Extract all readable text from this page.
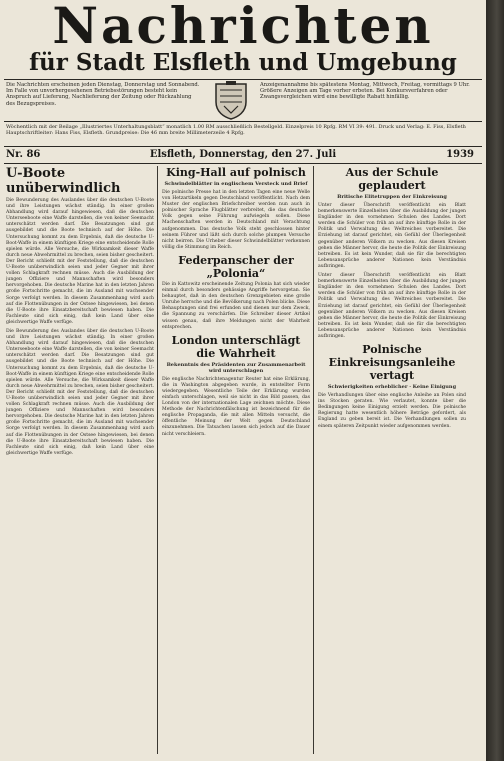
Nachrichten
für Stadt Elsfleth und Umgebung
Die Nachrichten erscheinen jeden Dienstag, Donnerstag und Sonnabend. Im Falle von unvorhergesehenen Betriebsstörungen besteht kein Anspruch auf Lieferung, Nachlieferung der Zeitung oder Rückzahlung des Bezugspreises.
Anzeigenannahme bis spätestens Montag, Mittwoch, Freitag, vormittags 9 Uhr. Größere Anzeigen am Tage vorher erbeten. Bei Konkursverfahren oder Zwangsvergleichen wird eine bewilligte Rabatt hinfällig.
Wöchentlich mit der Beilage „Illustriertes Unterhaltungsblatt“ monatlich 1.00 RM ausschließlich Bestellgeld. Einzelpreis 10 Rpfg. RM VI 39: 491. Druck und Verlag: E. Fiss, Elsfleth Hauptschriftleiter: Hans Fiss, Elsfleth. Grundpreise: Die 46 mm breite Millimeterzeile 4 Rpfg.
Nr. 86	Elsfleth, Donnerstag, den 27. Juli	1939
U-Boote unüberwindlich
Die Bewunderung des Auslandes über die deutschen U-Boote und ihre Leistungen wächst ständig. In einer großen Abhandlung wird darauf hingewiesen, daß die deutschen Unterseeboote eine Waffe darstellen, die von keiner Seemacht unterschätzt werden darf. Die Besatzungen sind gut ausgebildet und die Boote technisch auf der Höhe. Die Untersuchung kommt zu dem Ergebnis, daß die deutsche U-Boot-Waffe in einem künftigen Kriege eine entscheidende Rolle spielen würde. Alle Versuche, die Wirksamkeit dieser Waffe durch neue Abwehrmittel zu brechen, seien bisher gescheitert. Der Bericht schließt mit der Feststellung, daß die deutschen U-Boote unüberwindlich seien und jeder Gegner mit ihrer vollen Schlagkraft rechnen müsse. Auch die Ausbildung der jungen Offiziere und Mannschaften wird besonders hervorgehoben. Die deutsche Marine hat in den letzten Jahren große Fortschritte gemacht, die im Ausland mit wachsender Sorge verfolgt werden. In diesem Zusammenhang wird auch auf die Flottenübungen in der Ostsee hingewiesen, bei denen die U-Boote ihre Einsatzbereitschaft bewiesen haben. Die Fachleute sind sich einig, daß kein Land über eine gleichwertige Waffe verfüge.
Die Bewunderung des Auslandes über die deutschen U-Boote und ihre Leistungen wächst ständig. In einer großen Abhandlung wird darauf hingewiesen, daß die deutschen Unterseeboote eine Waffe darstellen, die von keiner Seemacht unterschätzt werden darf. Die Besatzungen sind gut ausgebildet und die Boote technisch auf der Höhe. Die Untersuchung kommt zu dem Ergebnis, daß die deutsche U-Boot-Waffe in einem künftigen Kriege eine entscheidende Rolle spielen würde. Alle Versuche, die Wirksamkeit dieser Waffe durch neue Abwehrmittel zu brechen, seien bisher gescheitert. Der Bericht schließt mit der Feststellung, daß die deutschen U-Boote unüberwindlich seien und jeder Gegner mit ihrer vollen Schlagkraft rechnen müsse. Auch die Ausbildung der jungen Offiziere und Mannschaften wird besonders hervorgehoben. Die deutsche Marine hat in den letzten Jahren große Fortschritte gemacht, die im Ausland mit wachsender Sorge verfolgt werden. In diesem Zusammenhang wird auch auf die Flottenübungen in der Ostsee hingewiesen, bei denen die U-Boote ihre Einsatzbereitschaft bewiesen haben. Die Fachleute sind sich einig, daß kein Land über eine gleichwertige Waffe verfüge.
King-Hall auf polnisch
Schwindelblätter in englischem Versteck und Brief
Die polnische Presse hat in den letzten Tagen eine neue Welle von Hetzartikeln gegen Deutschland veröffentlicht. Nach dem Muster der englischen Briefschreiber werden nun auch in polnischer Sprache Flugblätter verbreitet, die das deutsche Volk gegen seine Führung aufwiegeln sollen. Diese Machenschaften werden in Deutschland mit Verachtung aufgenommen. Das deutsche Volk steht geschlossen hinter seinem Führer und läßt sich durch solche plumpen Versuche nicht beirren. Die Urheber dieser Schwindelblätter verkennen völlig die Stimmung im Reich.
Federpanscher der „Polonia“
Die in Kattowitz erscheinende Zeitung Polonia hat sich wieder einmal durch besonders gehässige Angriffe hervorgetan. Sie behauptet, daß in den deutschen Grenzgebieten eine große Unruhe herrsche und die Bevölkerung nach Polen blicke. Diese Behauptungen sind frei erfunden und dienen nur dem Zweck, die Spannung zu verschärfen. Die Schreiber dieser Artikel wissen genau, daß ihre Meldungen nicht der Wahrheit entsprechen.
London unterschlägt die Wahrheit
Bekenntnis des Präsidenten zur Zusammenarbeit wird unterschlagen
Die englische Nachrichtenagentur Reuter hat eine Erklärung, die in Washington abgegeben wurde, in entstellter Form wiedergegeben. Wesentliche Teile der Erklärung wurden einfach unterschlagen, weil sie nicht in das Bild passen, das London von der internationalen Lage zeichnen möchte. Diese Methode der Nachrichtenfälschung ist bezeichnend für die englische Propaganda, die mit allen Mitteln versucht, die öffentliche Meinung der Welt gegen Deutschland einzunehmen. Die Tatsachen lassen sich jedoch auf die Dauer nicht verschleiern.
Aus der Schule geplaudert
Britische Elitetruppen der Einkreisung
Unter dieser Überschrift veröffentlicht ein Blatt bemerkenswerte Einzelheiten über die Ausbildung der jungen Engländer in den vornehmen Schulen des Landes. Dort werden die Schüler von früh an auf ihre künftige Rolle in der Politik und Verwaltung des Weltreiches vorbereitet. Die Erziehung ist darauf gerichtet, ein Gefühl der Überlegenheit gegenüber anderen Völkern zu wecken. Aus diesen Kreisen gehen die Männer hervor, die heute die Politik der Einkreisung betreiben. Es ist kein Wunder, daß sie für die berechtigten Lebensansprüche anderer Nationen kein Verständnis aufbringen.
Unter dieser Überschrift veröffentlicht ein Blatt bemerkenswerte Einzelheiten über die Ausbildung der jungen Engländer in den vornehmen Schulen des Landes. Dort werden die Schüler von früh an auf ihre künftige Rolle in der Politik und Verwaltung des Weltreiches vorbereitet. Die Erziehung ist darauf gerichtet, ein Gefühl der Überlegenheit gegenüber anderen Völkern zu wecken. Aus diesen Kreisen gehen die Männer hervor, die heute die Politik der Einkreisung betreiben. Es ist kein Wunder, daß sie für die berechtigten Lebensansprüche anderer Nationen kein Verständnis aufbringen.
Polnische Einkreisungsanleihe vertagt
Schwierigkeiten erheblicher · Keine Einigung
Die Verhandlungen über eine englische Anleihe an Polen sind ins Stocken geraten. Wie verlautet, konnte über die Bedingungen keine Einigung erzielt werden. Die polnische Regierung hatte wesentlich höhere Beträge gefordert, als England zu geben bereit ist. Die Verhandlungen sollen zu einem späteren Zeitpunkt wieder aufgenommen werden.
